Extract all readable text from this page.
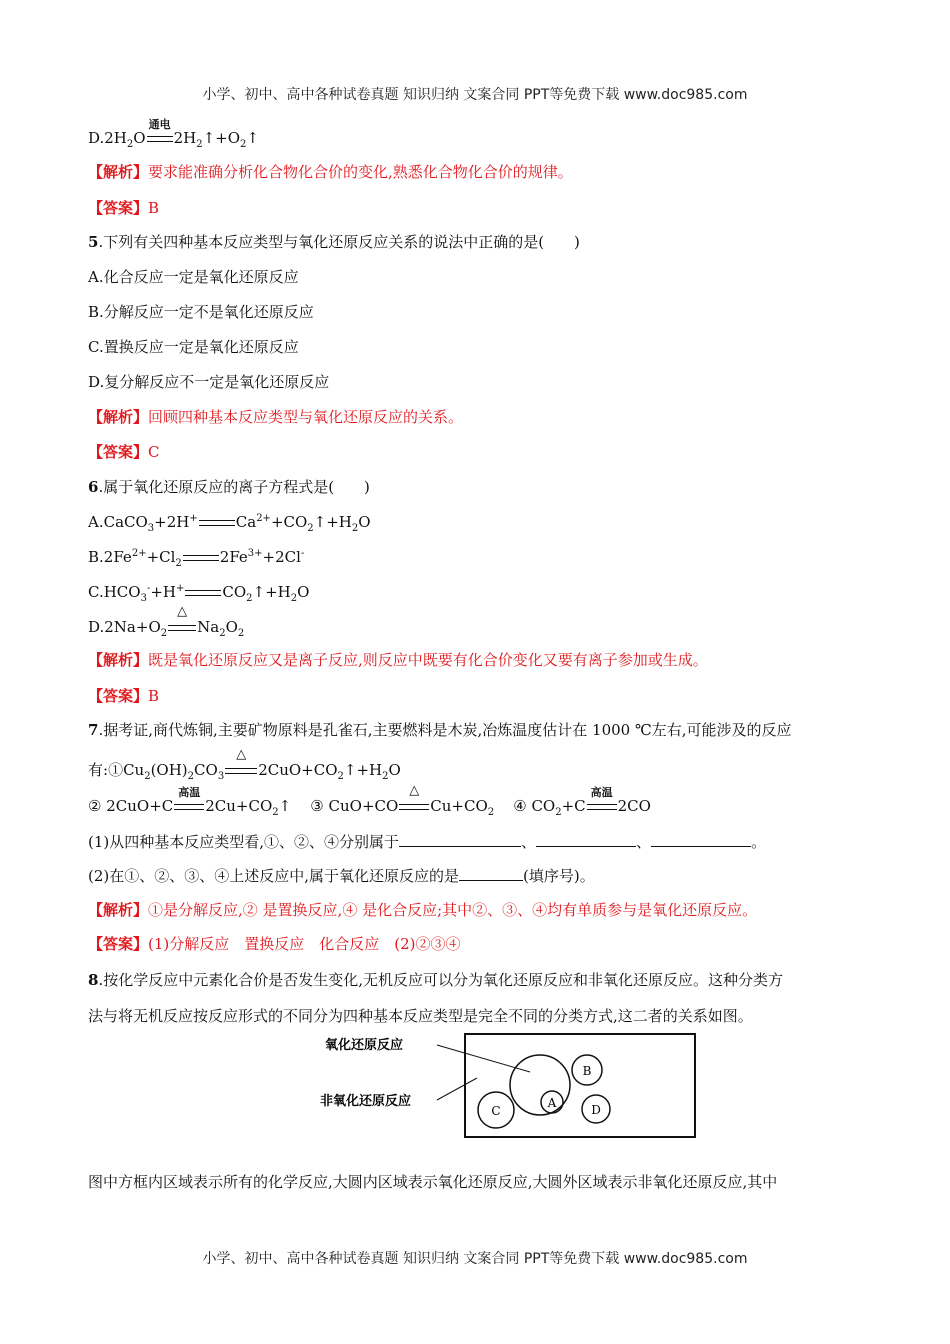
小学、初中、高中各种试卷真题 知识归纳 文案合同 PPT等免费下载 www.doc985.com
$D.2H_2O$
通电
$2H_2↑+O_2↑$
【解析】要求能准确分析化合物化合价的变化,熟悉化合物化合价的规律。
【答案】B
5.下列有关四种基本反应类型与氧化还原反应关系的说法中正确的是(　　)
A.化合反应一定是氧化还原反应
B.分解反应一定不是氧化还原反应
C.置换反应一定是氧化还原反应
D.复分解反应不一定是氧化还原反应
【解析】回顾四种基本反应类型与氧化还原反应的关系。
【答案】C
6.属于氧化还原反应的离子方程式是(　　)
A.CaCO$_3$+2H+	$Ca^{2+}+CO_2↑+H_2O$
$B.2Fe^{2+}+Cl_2$	$2Fe^{3+}+2Cl^-$
$C.HCO_3^-+H^+$	$CO_2↑+H_2O$
$D.2Na+O_2$
△
$Na_2O_2$
【解析】既是氧化还原反应又是离子反应,则反应中既要有化合价变化又要有离子参加或生成。
【答案】B
7.据考证,商代炼铜,主要矿物原料是孔雀石,主要燃料是木炭,冶炼温度估计在 1000 ℃左右,可能涉及的反应
有$:①Cu_2(OH)_2CO_3$
△
$2CuO+CO_2↑+H_2O$
② 2CuO+C
高温
$2Cu+CO_2↑$    ③ CuO+CO
△
$Cu+CO_2$    ④ $CO_2+C$
高温
2CO
(1)从四种基本反应类型看,①、②、④分别属于	、	、	。
(2)在①、②、③、④上述反应中,属于氧化还原反应的是	(填序号)。
【解析】①是分解反应,② 是置换反应,④ 是化合反应;其中②、③、④均有单质参与是氧化还原反应。
【答案】(1)分解反应　置换反应　化合反应　(2)②③④
8.按化学反应中元素化合价是否发生变化,无机反应可以分为氧化还原反应和非氧化还原反应。这种分类方
法与将无机反应按反应形式的不同分为四种基本反应类型是完全不同的分类方式,这二者的关系如图。
图中方框内区域表示所有的化学反应,大圆内区域表示氧化还原反应,大圆外区域表示非氧化还原反应,其中
氧化还原反应
非氧化还原反应	A
B
C	D
小学、初中、高中各种试卷真题 知识归纳 文案合同 PPT等免费下载 www.doc985.com
